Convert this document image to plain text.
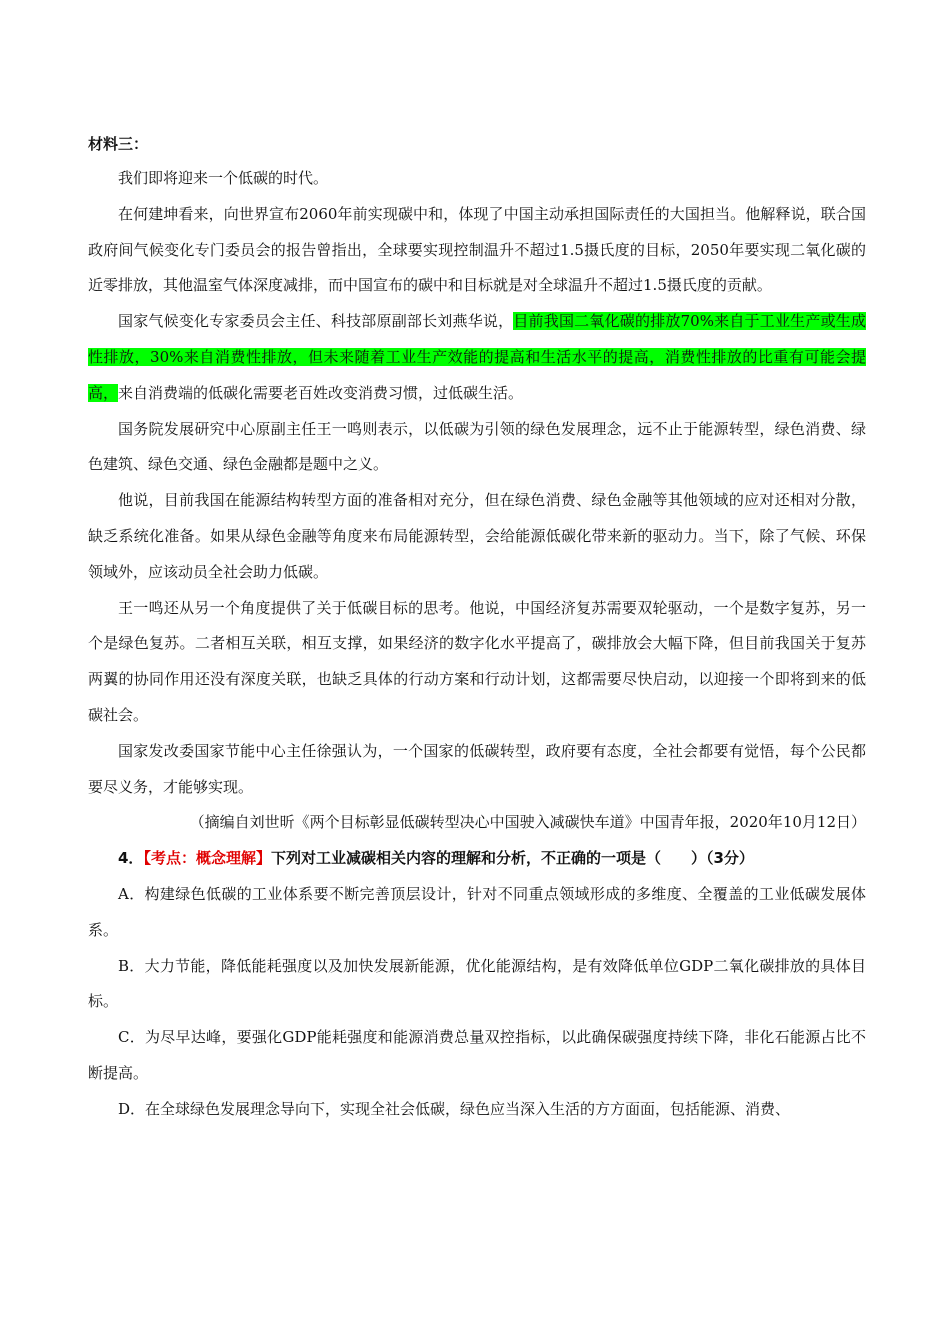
材料三：

我们即将迎来一个低碳的时代。

在何建坤看来，向世界宣布2060年前实现碳中和，体现了中国主动承担国际责任的大国担当。他解释说，联合国政府间气候变化专门委员会的报告曾指出，全球要实现控制温升不超过1.5摄氏度的目标，2050年要实现二氧化碳的近零排放，其他温室气体深度减排，而中国宣布的碳中和目标就是对全球温升不超过1.5摄氏度的贡献。

国家气候变化专家委员会主任、科技部原副部长刘燕华说，目前我国二氧化碳的排放70%来自于工业生产或生成性排放，30%来自消费性排放，但未来随着工业生产效能的提高和生活水平的提高，消费性排放的比重有可能会提高，来自消费端的低碳化需要老百姓改变消费习惯，过低碳生活。

国务院发展研究中心原副主任王一鸣则表示，以低碳为引领的绿色发展理念，远不止于能源转型，绿色消费、绿色建筑、绿色交通、绿色金融都是题中之义。

他说，目前我国在能源结构转型方面的准备相对充分，但在绿色消费、绿色金融等其他领域的应对还相对分散，缺乏系统化准备。如果从绿色金融等角度来布局能源转型，会给能源低碳化带来新的驱动力。当下，除了气候、环保领域外，应该动员全社会助力低碳。

王一鸣还从另一个角度提供了关于低碳目标的思考。他说，中国经济复苏需要双轮驱动，一个是数字复苏，另一个是绿色复苏。二者相互关联，相互支撑，如果经济的数字化水平提高了，碳排放会大幅下降，但目前我国关于复苏两翼的协同作用还没有深度关联，也缺乏具体的行动方案和行动计划，这都需要尽快启动，以迎接一个即将到来的低碳社会。

国家发改委国家节能中心主任徐强认为，一个国家的低碳转型，政府要有态度，全社会都要有觉悟，每个公民都要尽义务，才能够实现。

（摘编自刘世昕《两个目标彰显低碳转型决心中国驶入减碳快车道》中国青年报，2020年10月12日）
4．【考点：概念理解】下列对工业减碳相关内容的理解和分析，不正确的一项是（　　）（3分）
A．构建绿色低碳的工业体系要不断完善顶层设计，针对不同重点领域形成的多维度、全覆盖的工业低碳发展体系。
B．大力节能，降低能耗强度以及加快发展新能源，优化能源结构，是有效降低单位GDP二氧化碳排放的具体目标。
C．为尽早达峰，要强化GDP能耗强度和能源消费总量双控指标，以此确保碳强度持续下降，非化石能源占比不断提高。
D．在全球绿色发展理念导向下，实现全社会低碳，绿色应当深入生活的方方面面，包括能源、消费、
